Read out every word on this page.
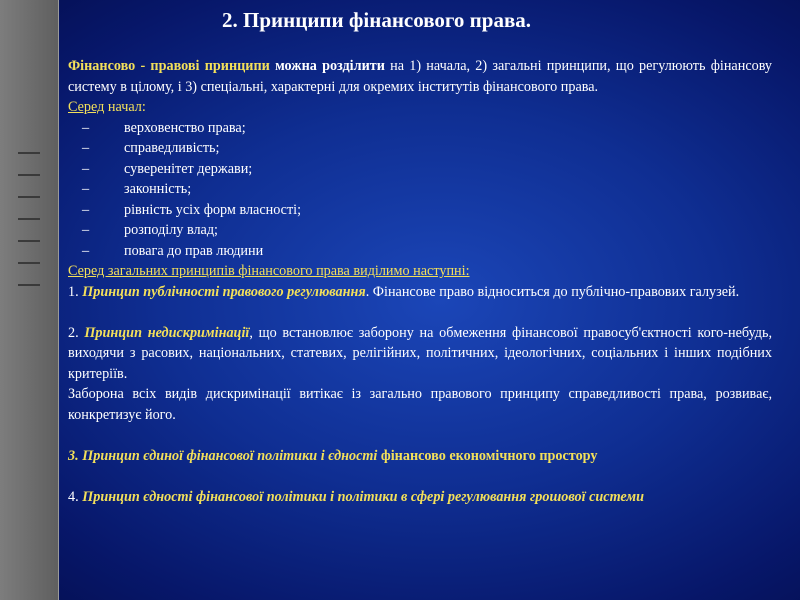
2. Принципи фінансового права.

Фінансово - правові принципи можна розділити на 1) начала, 2) загальні принципи, що регулюють фінансову систему в цілому, і 3) спеціальні, характерні для окремих інститутів фінансового права.

Серед начал:
– верховенство права;
– справедливість;
– суверенітет держави;
– законність;
– рівність усіх форм власності;
– розподілу влад;
– повага до прав людини
Серед загальних принципів фінансового права виділимо наступні:

1. Принцип публічності правового регулювання. Фінансове право відноситься до публічно-правових галузей.

2. Принцип недискримінації, що встановлює заборону на обмеження фінансової правосуб'єктності кого-небудь, виходячи з расових, національних, статевих, релігійних, політичних, ідеологічних, соціальних і інших подібних критеріїв.

Заборона всіх видів дискримінації витікає із загально правового принципу справедливості права, розвиває, конкретизує його.

3. Принцип єдиної фінансової політики і єдності фінансово економічного простору

4. Принцип єдності фінансової політики і політики в сфері регулювання грошової системи
